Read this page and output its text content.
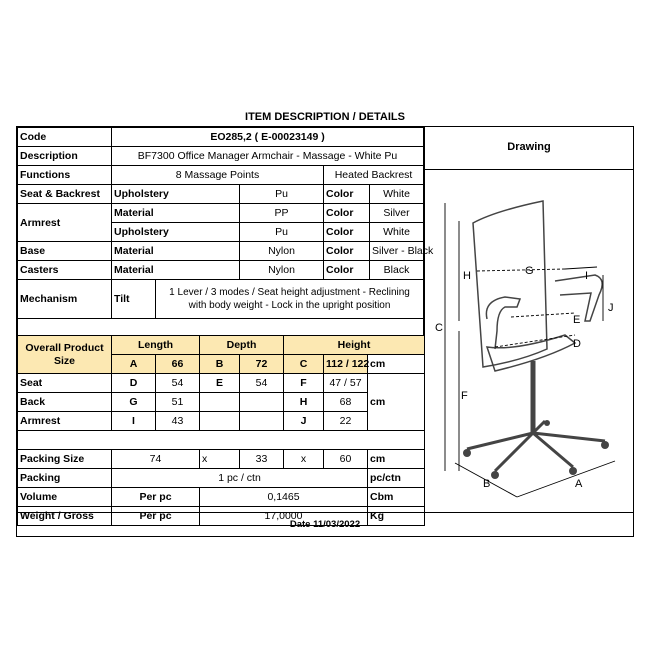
ITEM DESCRIPTION / DETAILS
Code	EO285,2 ( E-00023149 )				
Description	BF7300 Office Manager Armchair - Massage - White Pu				
Functions	8 Massage Points			Heated Backrest	
Seat & Backrest	Upholstery		Pu	Color	White
Armrest	Material		PP	Color	Silver
	Upholstery		Pu	Color	White
Base	Material		Nylon	Color	Silver - Black
Casters	Material		Nylon	Color	Black
Mechanism	Tilt	1 Lever / 3 modes / Seat height adjustment - Reclining
with body weight - Lock in the upright position			

Overall Product
Size	Length		Depth		Height		
	A	66	B	72	C	112 / 122	cm
Seat	D	54	E	54	F	47 / 57	cm
Back	G	51			H	68	
Armrest	I	43			J	22	

Packing Size	74		x	33	x	60	cm
Packing	1 pc / ctn						pc/ctn
Volume	Per pc		0,1465				Cbm
Weight / Gross	Per pc		17,0000				Kg
Drawing
H	G	I
C
J
E
D
F
B	A
Date 11/03/2022
